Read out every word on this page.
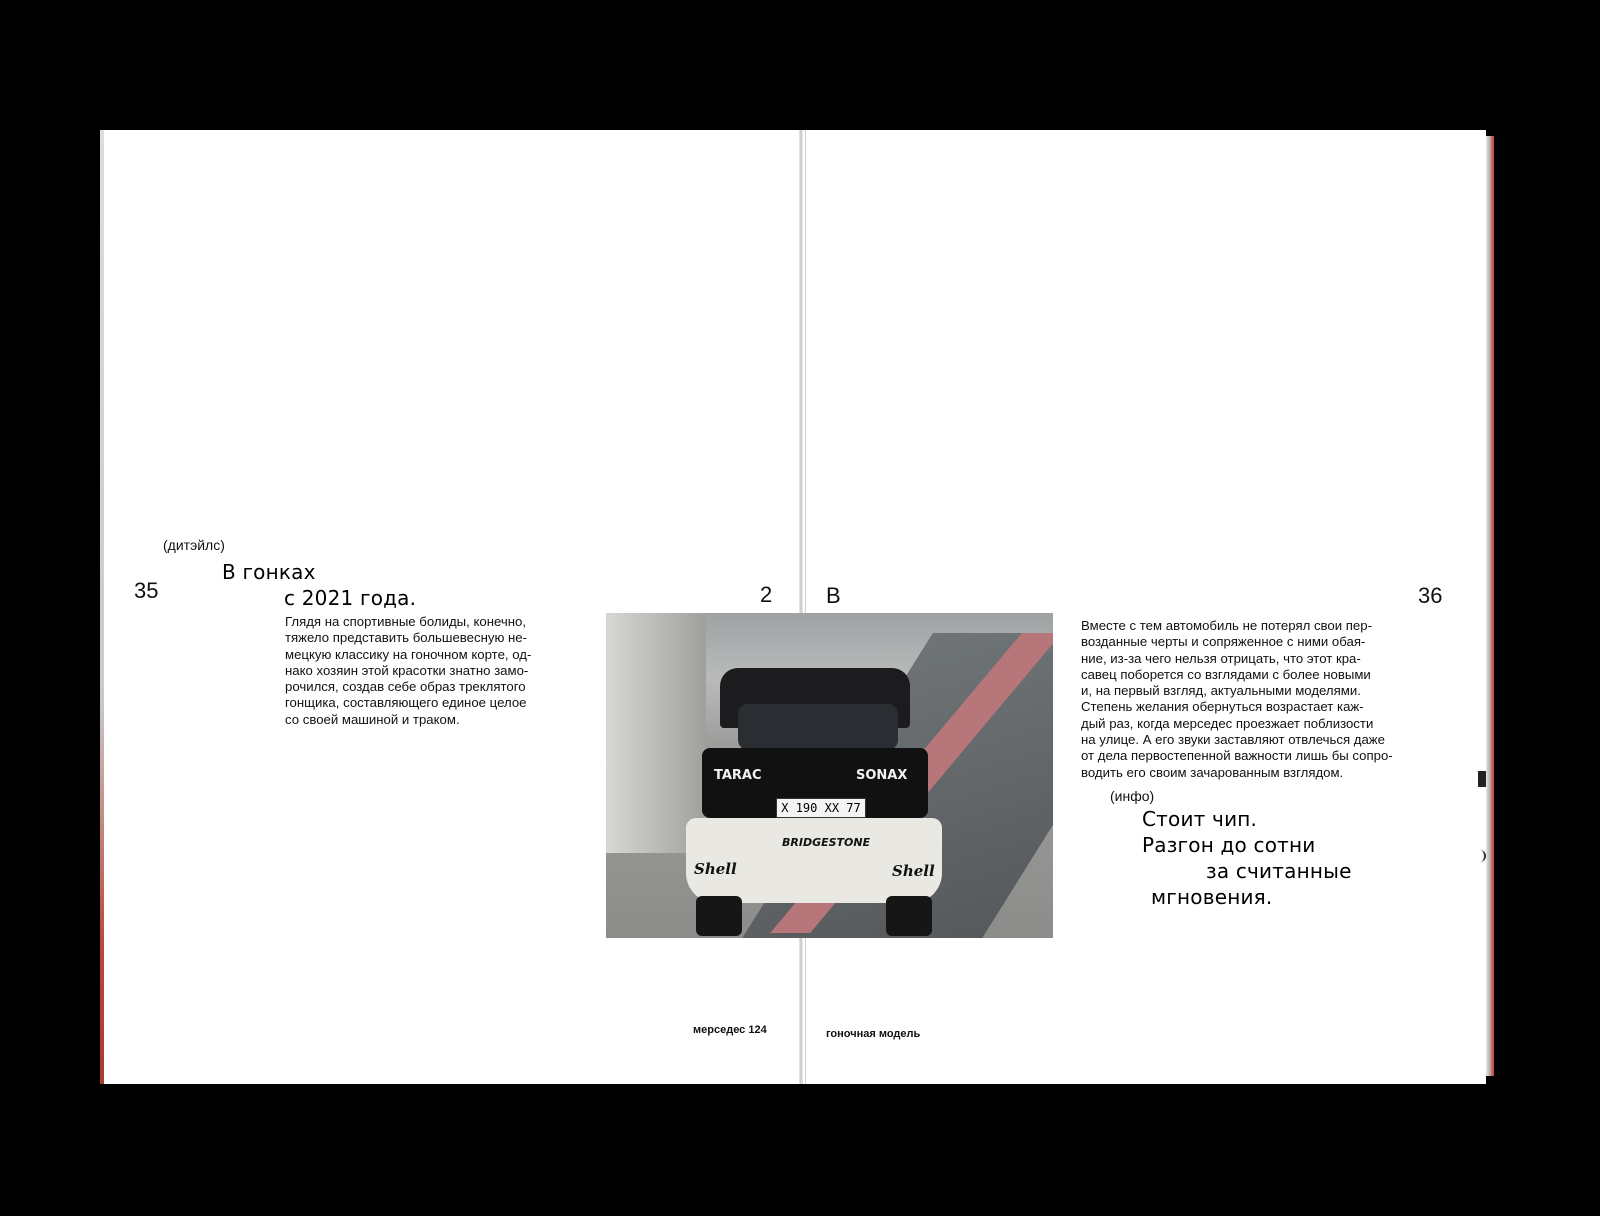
(дитэйлс)
35
В гонках
с 2021 года.
Глядя на спортивные болиды, конечно,
тяжело представить большевесную не-
мецкую классику на гоночном корте, од-
нако хозяин этой красотки знатно замо-
рочился, создав себе образ треклятого
гонщика, составляющего единое целое
со своей машиной и траком.
2
мерседес 124
TARAC	SONAX
X 190 XX 77
BRIDGESTONE
Shell	Shell
В	36
Вместе с тем автомобиль не потерял свои пер-
возданные черты и сопряженное с ними обая-
ние, из-за чего нельзя отрицать, что этот кра-
савец поборется со взглядами с более новыми
и, на первый взгляд, актуальными моделями.
Степень желания обернуться возрастает каж-
дый раз, когда мерседес проезжает поблизости
на улице. А его звуки заставляют отвлечься даже
от дела первостепенной важности лишь бы сопро-
водить его своим зачарованным взглядом.
(инфо)
Стоит чип.
Разгон до сотни
за считанные
мгновения.
гоночная модель
